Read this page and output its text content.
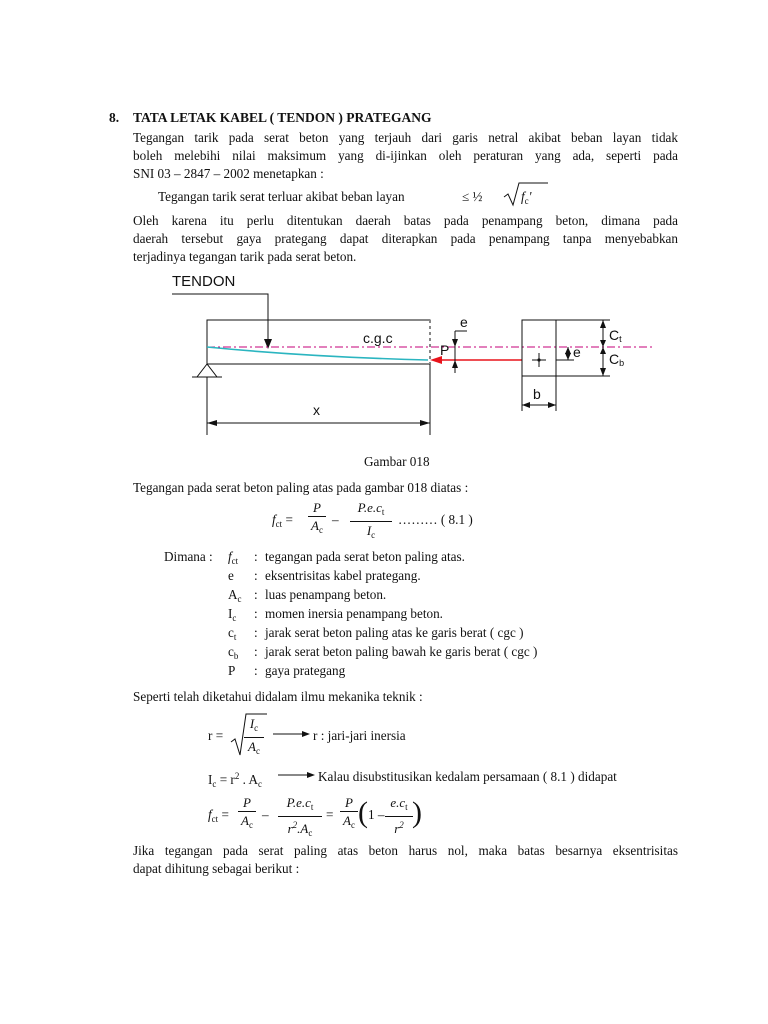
8. TATA LETAK KABEL ( TENDON ) PRATEGANG
Tegangan tarik pada serat beton yang terjauh dari garis netral akibat beban layan tidak
boleh melebihi nilai maksimum yang di-ijinkan oleh peraturan yang ada, seperti pada
SNI 03 – 2847 – 2002 menetapkan :
Tegangan tarik serat terluar akibat beban layan	≤ ½	$f_c'$
Oleh karena itu perlu ditentukan daerah batas pada penampang beton, dimana pada
daerah tersebut gaya prategang dapat diterapkan pada penampang tanpa menyebabkan
terjadinya tegangan tarik pada serat beton.
TENDON
c.g.c
x
P
e
b
e
Ct
Cb
Gambar 018
Tegangan pada serat beton paling atas pada gambar 018 diatas :
$f_{ct}$ =
P
$A_c$
–
$P.e.c_t$
$I_c$
……… ( 8.1 )
Dimana : $f_{ct}$ : tegangan pada serat beton paling atas.
e : eksentrisitas kabel prategang.
$A_c$ : luas penampang beton.
$I_c$ : momen inersia penampang beton.
$c_t$ : jarak serat beton paling atas ke garis berat ( cgc )
$c_b$ : jarak serat beton paling bawah ke garis berat ( cgc )
P : gaya prategang
Seperti telah diketahui didalam ilmu mekanika teknik :
r =
$I_c$
$A_c$
r : jari-jari inersia
$I_c = r^2$ . $A_c$	Kalau disubstitusikan kedalam persamaan ( 8.1 ) didapat
$f_{ct}$ =
P
$A_c$
–
$P.e.c_t$
$r^2.A_c$
=
P
$A_c$ ( 1 –
$e.c_t$
$r^2$ )
Jika tegangan pada serat paling atas beton harus nol, maka batas besarnya eksentrisitas
dapat dihitung sebagai berikut :
